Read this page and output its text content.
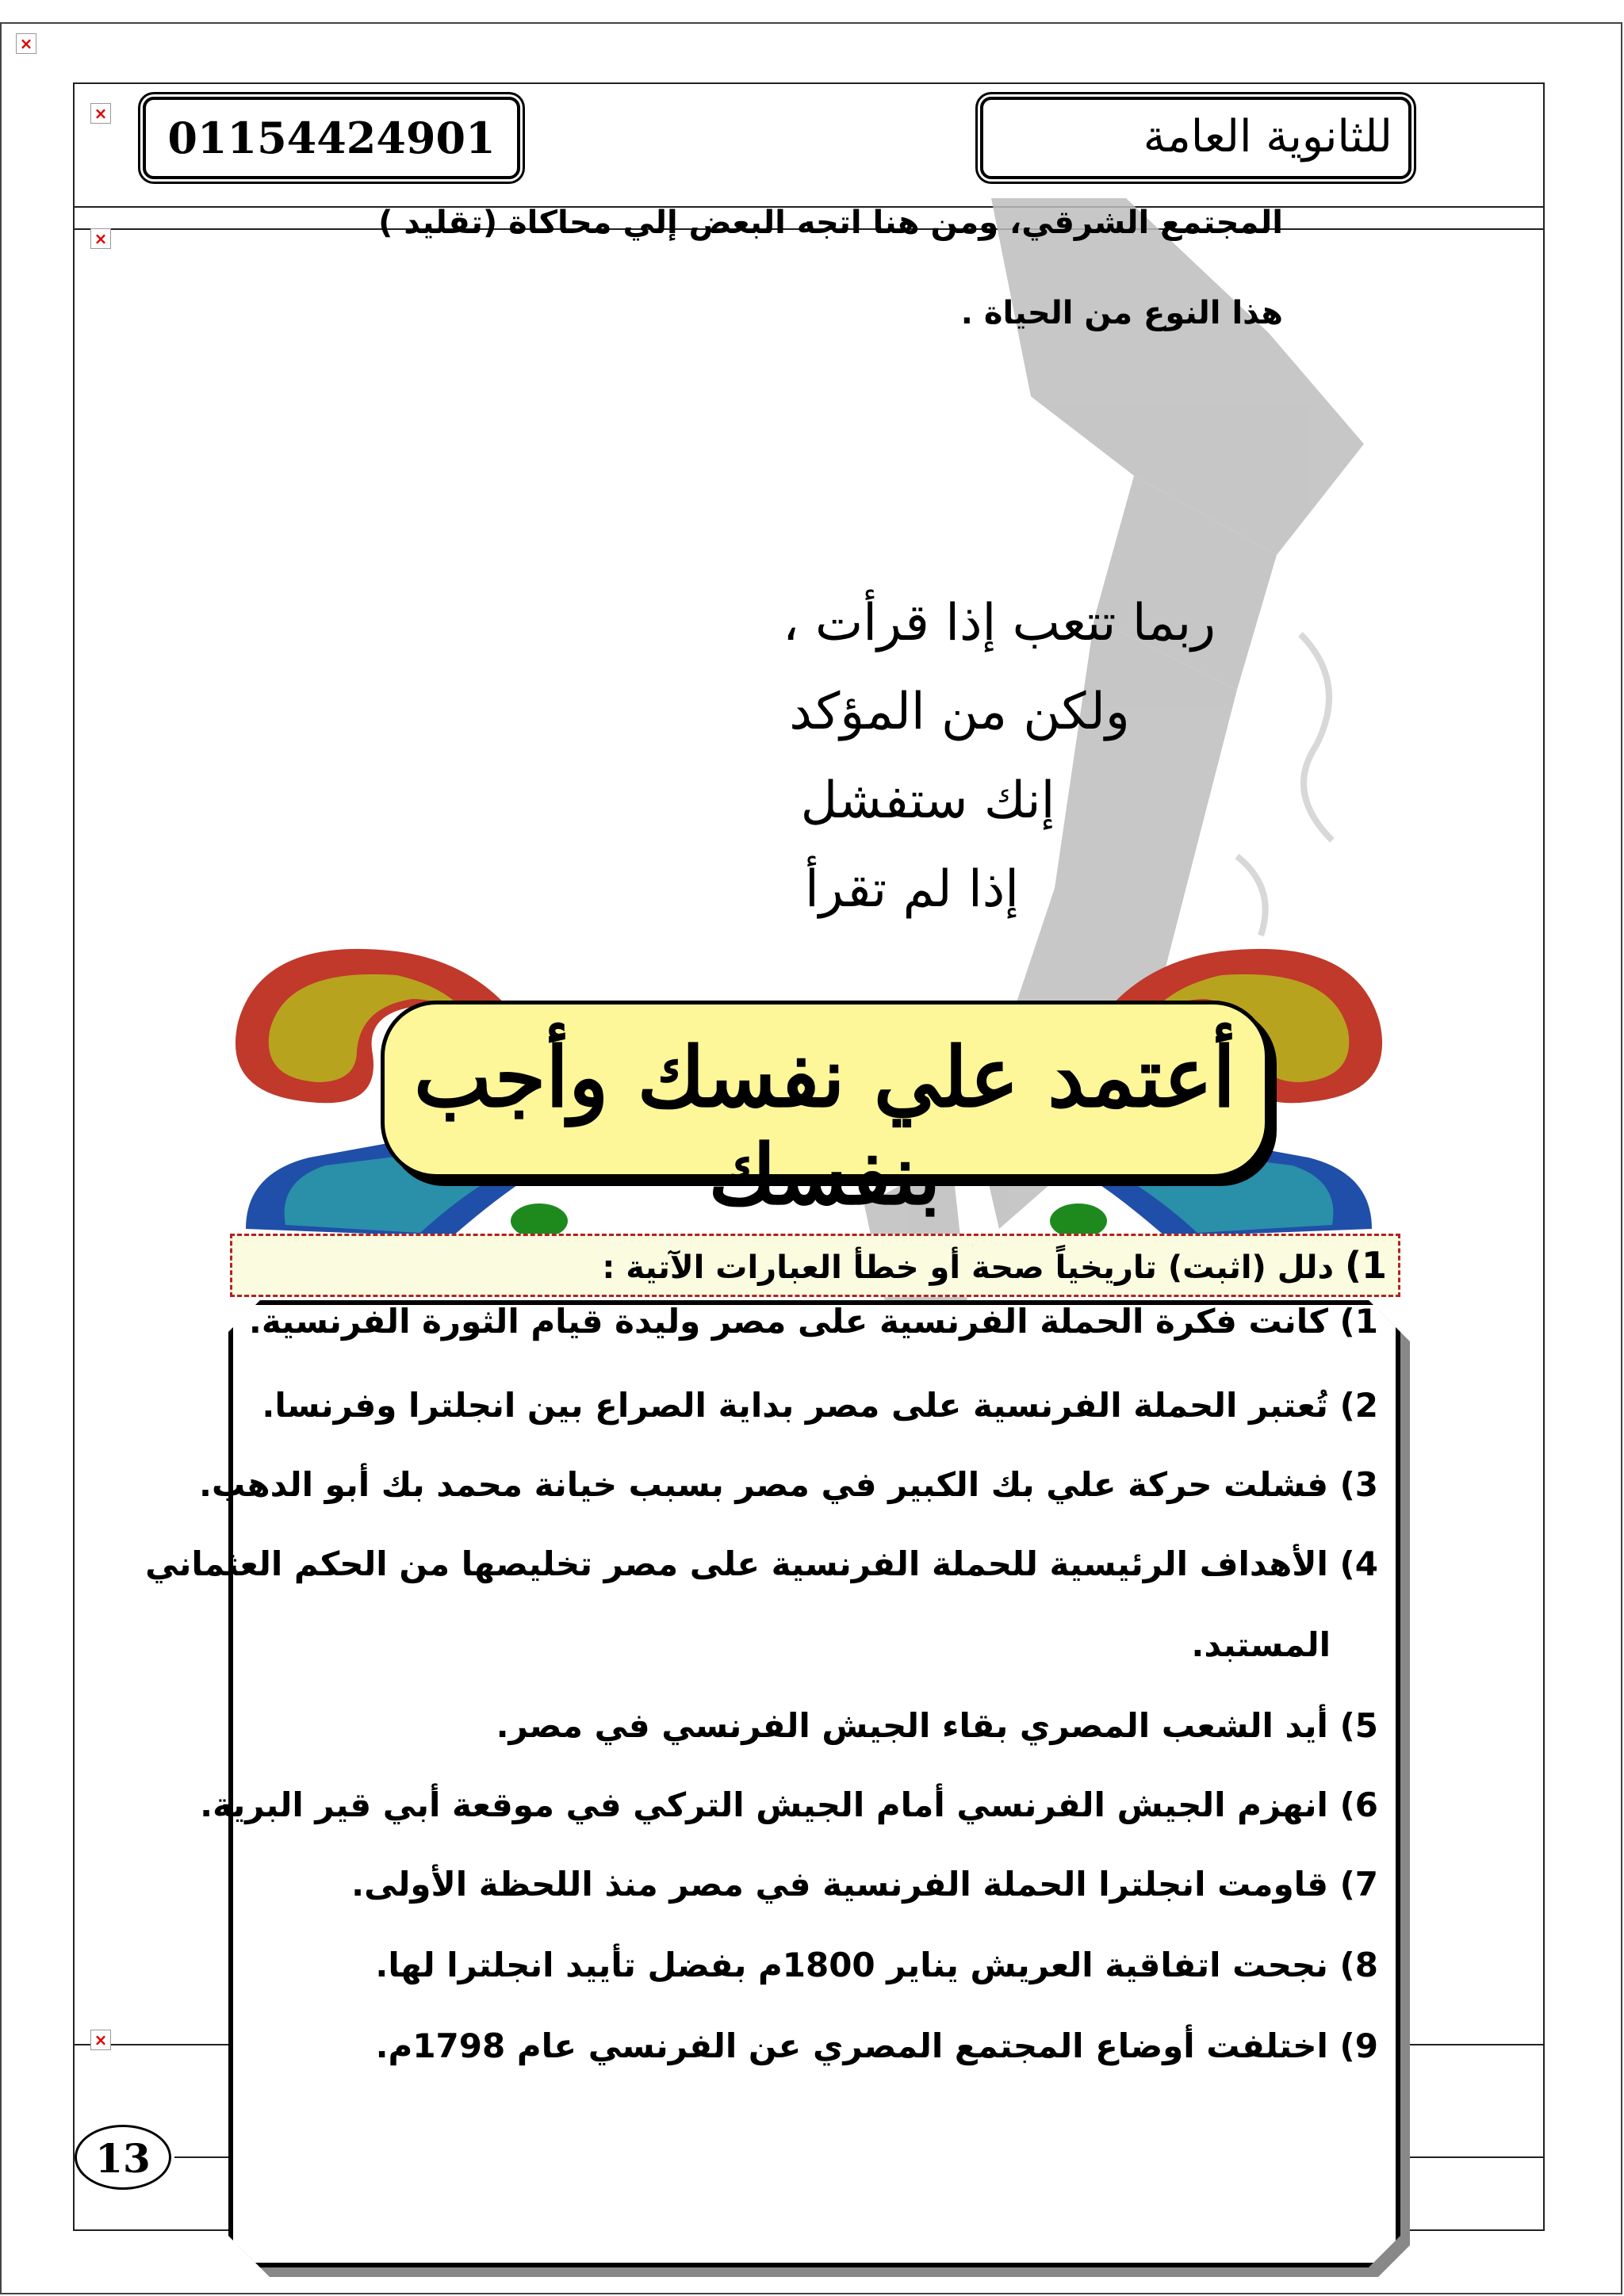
×
×
×
×
01154424901	للثانوية العامة
المجتمع الشرقي، ومن هنا اتجه البعض إلي محاكاة (تقليد )
هذا النوع من الحياة .
ربما تتعب إذا قرأت ،
ولكن من المؤكد
إنك ستفشل
إذا لم تقرأ
أعتمد علي نفسك وأجب بنفسك
1) دلل (اثبت) تاريخياً صحة أو خطأ العبارات الآتية :
1) كانت فكرة الحملة الفرنسية على مصر وليدة قيام الثورة الفرنسية.
2) تُعتبر الحملة الفرنسية على مصر بداية الصراع بين انجلترا وفرنسا.
3) فشلت حركة علي بك الكبير في مصر بسبب خيانة محمد بك أبو الدهب.
4) الأهداف الرئيسية للحملة الفرنسية على مصر تخليصها من الحكم العثماني
المستبد.
5) أيد الشعب المصري بقاء الجيش الفرنسي في مصر.
6) انهزم الجيش الفرنسي أمام الجيش التركي في موقعة أبي قير البرية.
7) قاومت انجلترا الحملة الفرنسية في مصر منذ اللحظة الأولى.
8) نجحت اتفاقية العريش يناير 1800م بفضل تأييد انجلترا لها.
9) اختلفت أوضاع المجتمع المصري عن الفرنسي عام 1798م.
13
